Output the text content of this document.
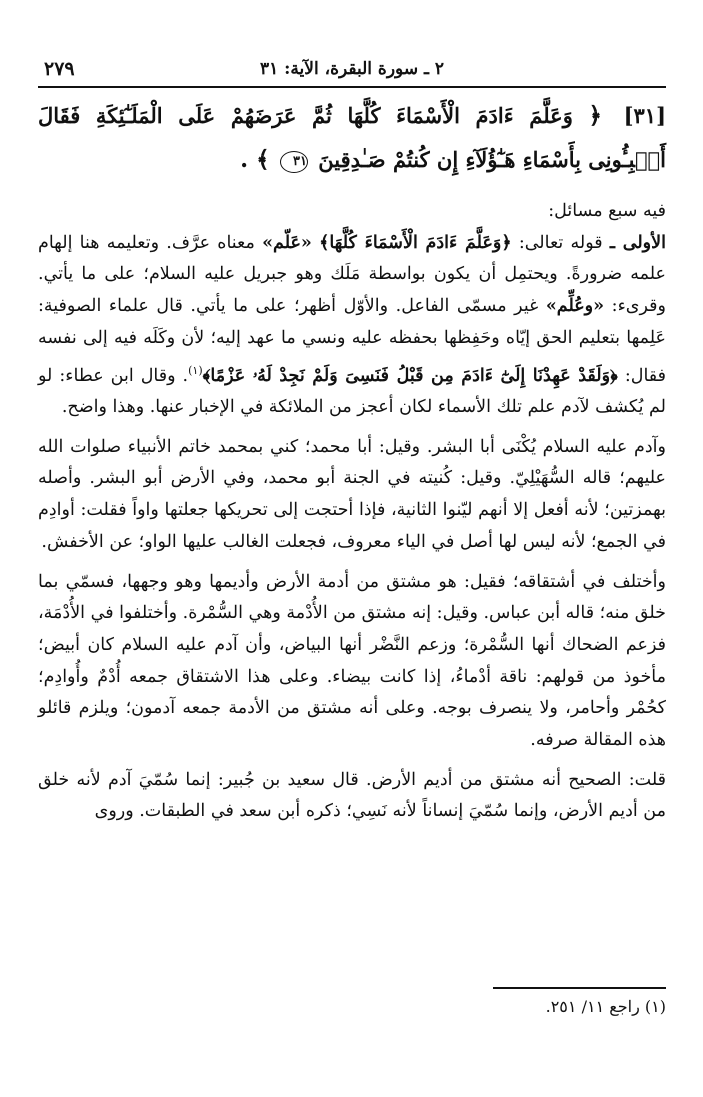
٢ ـ سورة البقرة، الآية: ٣١
٢٧٩
[٣١] ﴿ وَعَلَّمَ ءَادَمَ الْأَسْمَاءَ كُلَّهَا ثُمَّ عَرَضَهُمْ عَلَى الْمَلَـٰٓئِكَةِ فَقَالَ أَنۢبِـُٔونِى بِأَسْمَاءِ هَـٰٓؤُلَآءِ إِن كُنتُمْ صَـٰدِقِينَ ٣١ ﴾ .

فيه سبع مسائل:

الأولى ـ قوله تعالى: ﴿وَعَلَّمَ ءَادَمَ الْأَسْمَاءَ كُلَّهَا﴾ «عَلّم» معناه عرَّف. وتعليمه هنا إلهام علمه ضرورةً. ويحتمِل أن يكون بواسطة مَلَك وهو جبريل عليه السلام؛ على ما يأتي. وقرىء: «وعُلِّم» غير مسمّى الفاعل. والأوّل أظهر؛ على ما يأتي. قال علماء الصوفية: عَلِمها بتعليم الحق إيّاه وحَفِظها بحفظه عليه ونسي ما عهد إليه؛ لأن وكَلَه فيه إلى نفسه فقال: ﴿وَلَقَدْ عَهِدْنَا إِلَىٰٓ ءَادَمَ مِن قَبْلُ فَنَسِىَ وَلَمْ نَجِدْ لَهُۥ عَزْمًا﴾$^{(١)}$. وقال ابن عطاء: لو لم يُكشف لآدم علم تلك الأسماء لكان أعجز من الملائكة في الإخبار عنها. وهذا واضح.

وآدم عليه السلام يُكْنَى أبا البشر. وقيل: أبا محمد؛ كني بمحمد خاتم الأنبياء صلوات الله عليهم؛ قاله السُّهَيْلِيّ. وقيل: كُنيته في الجنة أبو محمد، وفي الأرض أبو البشر. وأصله بهمزتين؛ لأنه أفعل إلا أنهم ليّنوا الثانية، فإذا أحتجت إلى تحريكها جعلتها واواً فقلت: أوادِم في الجمع؛ لأنه ليس لها أصل في الياء معروف، فجعلت الغالب عليها الواو؛ عن الأخفش.

وأختلف في أشتقاقه؛ فقيل: هو مشتق من أدمة الأرض وأديمها وهو وجهها، فسمّي بما خلق منه؛ قاله أبن عباس. وقيل: إنه مشتق من الأُدْمة وهي السُّمْرة. وأختلفوا في الأُدْمَة، فزعم الضحاك أنها السُّمْرة؛ وزعم النَّضْر أنها البياض، وأن آدم عليه السلام كان أبيض؛ مأخوذ من قولهم: ناقة أدْماءُ، إذا كانت بيضاء. وعلى هذا الاشتقاق جمعه أُدْمٌ وأُوادِم؛ كحُمْر وأحامر، ولا ينصرف بوجه. وعلى أنه مشتق من الأدمة جمعه آدمون؛ ويلزم قائلو هذه المقالة صرفه.

قلت: الصحيح أنه مشتق من أديم الأرض. قال سعيد بن جُبير: إنما سُمّيَ آدم لأنه خلق من أديم الأرض، وإنما سُمّيَ إنساناً لأنه نَسِي؛ ذكره أبن سعد في الطبقات. وروى

(١) راجع ١١/ ٢٥١.
